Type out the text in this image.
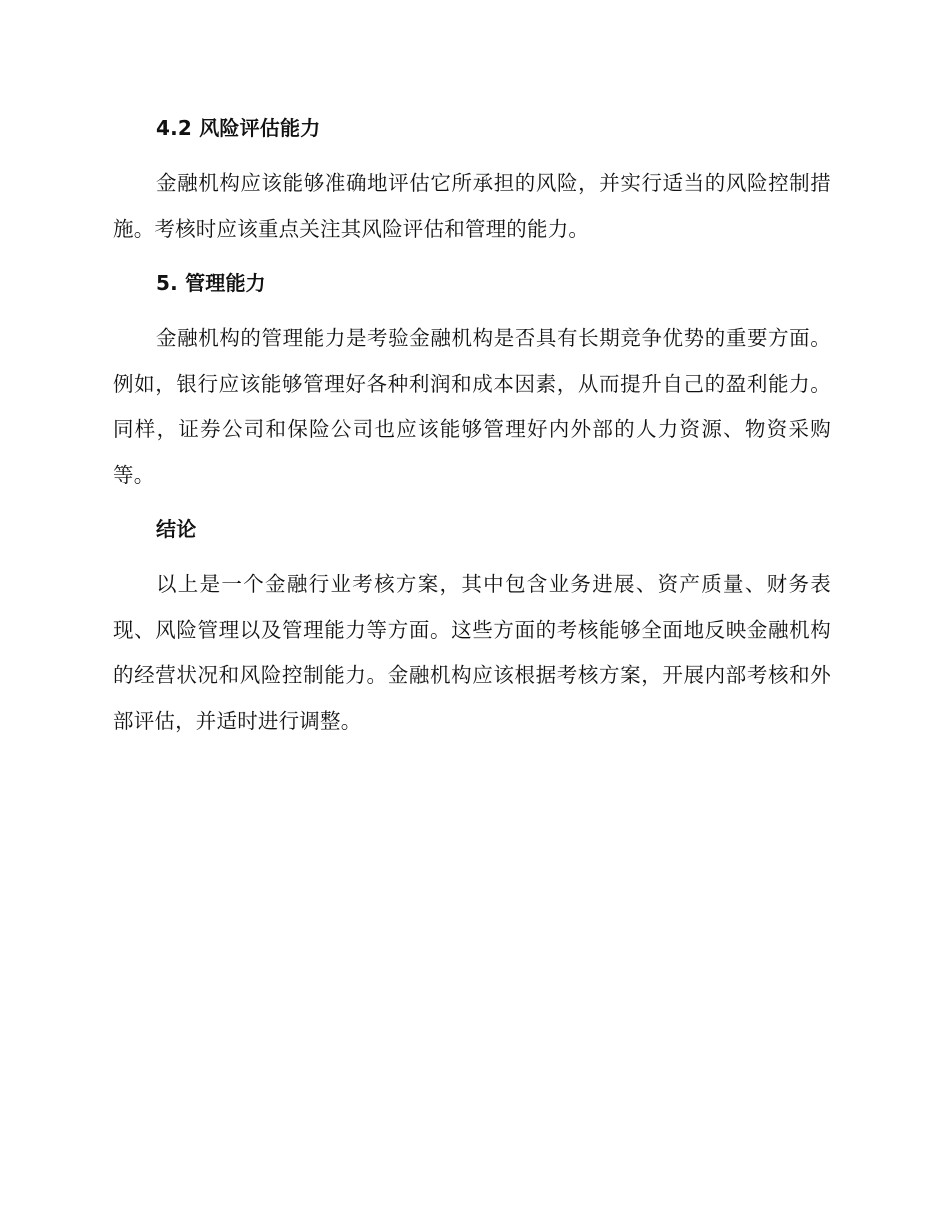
4.2 风险评估能力

金融机构应该能够准确地评估它所承担的风险，并实行适当的风险控制措施。考核时应该重点关注其风险评估和管理的能力。

5. 管理能力

金融机构的管理能力是考验金融机构是否具有长期竞争优势的重要方面。例如，银行应该能够管理好各种利润和成本因素，从而提升自己的盈利能力。同样，证券公司和保险公司也应该能够管理好内外部的人力资源、物资采购等。

结论

以上是一个金融行业考核方案，其中包含业务进展、资产质量、财务表现、风险管理以及管理能力等方面。这些方面的考核能够全面地反映金融机构的经营状况和风险控制能力。金融机构应该根据考核方案，开展内部考核和外部评估，并适时进行调整。
